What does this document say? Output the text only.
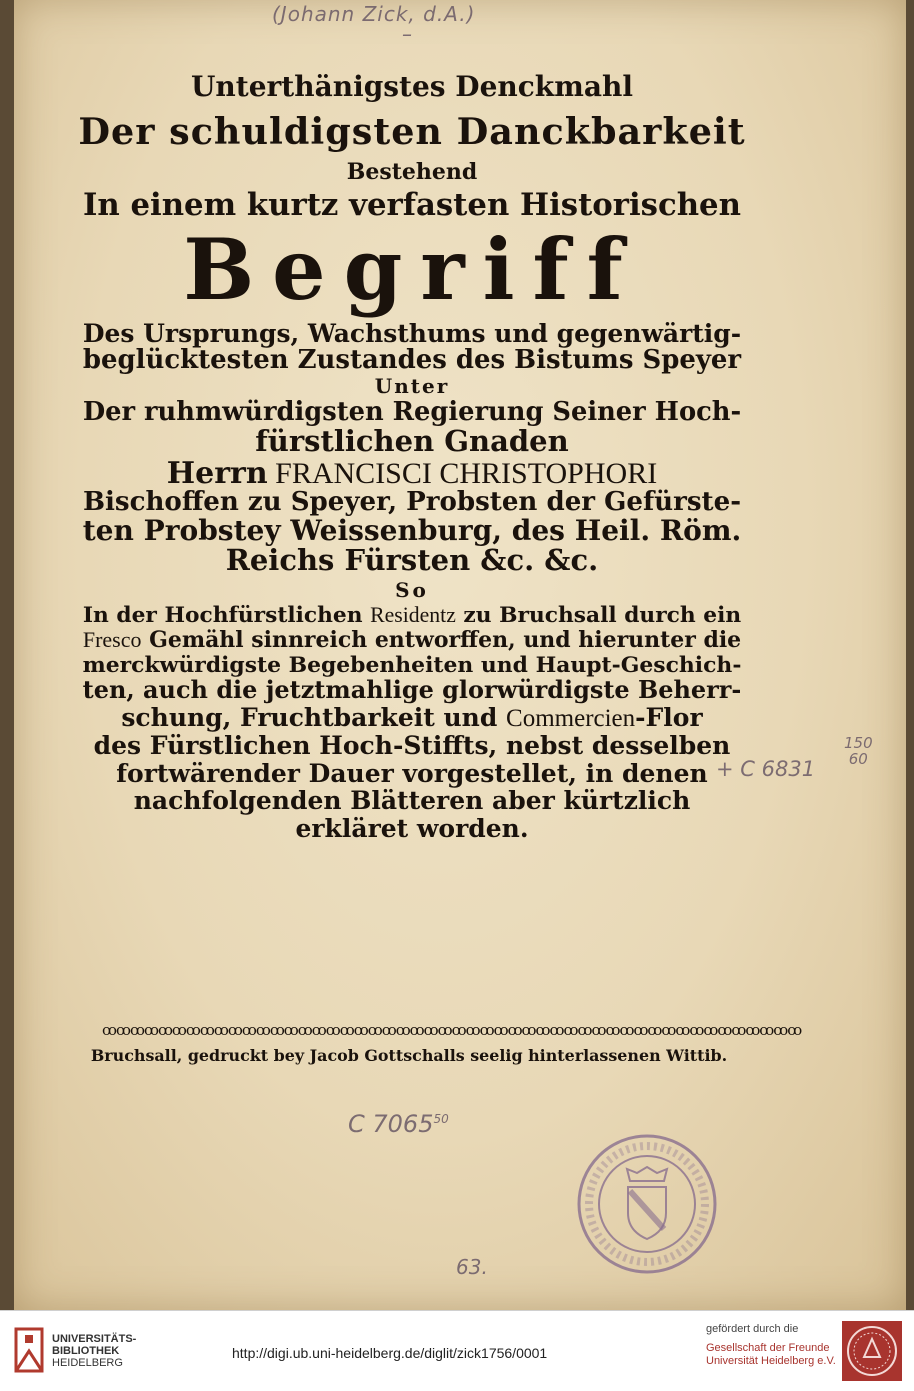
(Johann Zick, d.A.)
–
+ C 6831
150
60
Unterthänigstes Denckmahl
Der schuldigsten Danckbarkeit
Bestehend
In einem kurtz verfasten Historischen
Begriff
Des Ursprungs, Wachsthums und gegenwärtig-
beglücktesten Zustandes des Bistums Speyer
Unter
Der ruhmwürdigsten Regierung Seiner Hoch-
fürstlichen Gnaden
Herrn FRANCISCI CHRISTOPHORI
Bischoffen zu Speyer, Probsten der Gefürste-
ten Probstey Weissenburg, des Heil. Röm.
Reichs Fürsten &c. &c.
So
In der Hochfürstlichen Residentz zu Bruchsall durch ein
Fresco Gemähl sinnreich entworffen, und hierunter die
merckwürdigste Begebenheiten und Haupt-Geschich-
ten, auch die jetztmahlige glorwürdigste Beherr-
schung, Fruchtbarkeit und Commercien-Flor
des Fürstlichen Hoch-Stiffts, nebst desselben
fortwärender Dauer vorgestellet, in denen
nachfolgenden Blätteren aber kürtzlich
erkläret worden.
ꝏꝏꝏꝏꝏꝏꝏꝏꝏꝏꝏꝏꝏꝏꝏꝏꝏꝏꝏꝏꝏꝏꝏꝏꝏꝏꝏꝏꝏꝏꝏꝏꝏꝏꝏꝏꝏꝏꝏꝏꝏꝏꝏꝏꝏꝏꝏꝏꝏꝏ
Bruchsall, gedruckt bey Jacob Gottschalls seelig hinterlassenen Wittib.
C 7065$^{50}$
63.
UNIVERSITÄTS-
BIBLIOTHEK
HEIDELBERG
http://digi.ub.uni-heidelberg.de/diglit/zick1756/0001
gefördert durch die
Gesellschaft der Freunde
Universität Heidelberg e.V.
